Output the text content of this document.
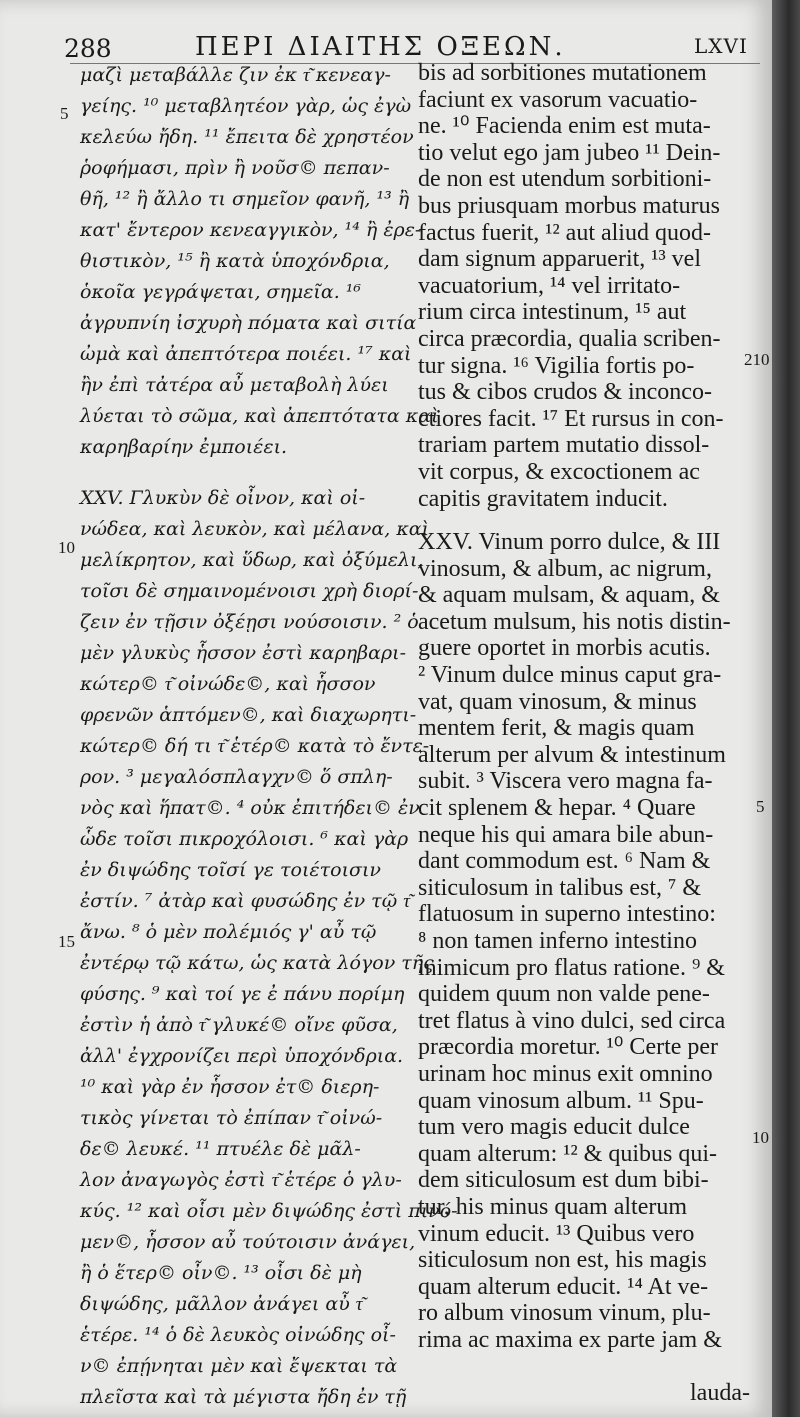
288	ΠΕΡΙ ΔΙΑΙΤΗΣ ΟΞΕΩΝ.	LXVI
μαζὶ μεταβάλλε ζιν ἐκ τ͂ κενεαγ-
γείης. ¹⁰ μεταβλητέον γὰρ, ὡς ἐγὼ
κελεύω ἤδη. ¹¹ ἔπειτα δὲ χρηστέον
ῥοφήμασι, πρὶν ἢ νοῦσ© πεπαν-
θῆ, ¹² ἢ ἄλλο τι σημεῖον φανῆ, ¹³ ἢ
κατ' ἔντερον κενεαγγικὸν, ¹⁴ ἢ ἐρε-
θιστικὸν, ¹⁵ ἢ κατὰ ὑποχόνδρια,
ὁκοῖα γεγράψεται, σημεῖα. ¹⁶
ἀγρυπνίη ἰσχυρὴ πόματα καὶ σιτία
ὠμὰ καὶ ἀπεπτότερα ποιέει. ¹⁷ καὶ
ἢν ἐπὶ τἀτέρα αὖ μεταβολὴ λύει
λύεται τὸ σῶμα, καὶ ἀπεπτότατα καὶ
καρηβαρίην ἐμποιέει.
XXV. Γλυκὺν δὲ οἶνον, καὶ οἰ-
νώδεα, καὶ λευκὸν, καὶ μέλανα, καὶ
μελίκρητον, καὶ ὕδωρ, καὶ ὀξύμελι,
τοῖσι δὲ σημαινομένοισι χρὴ διορί-
ζειν ἐν τῇσιν ὀξέῃσι νούσοισιν. ² ὁ
μὲν γλυκὺς ἧσσον ἐστὶ καρηβαρι-
κώτερ© τ͂ οἰνώδε©, καὶ ἧσσον
φρενῶν ἁπτόμεν©, καὶ διαχωρητι-
κώτερ© δή τι τ͂ ἑτέρ© κατὰ τὸ ἔντε-
ρον. ³ μεγαλόσπλαγχν© ὅ σπλη-
νὸς καὶ ἥπατ©. ⁴ οὐκ ἐπιτήδει© ἐν
ὧδε τοῖσι πικροχόλοισι. ⁶ καὶ γὰρ
ἐν διψώδης τοῖσί γε τοιέτοισιν
ἐστίν. ⁷ ἀτὰρ καὶ φυσώδης ἐν τῷ τ͂
ἄνω. ⁸ ὁ μὲν πολέμιός γ' αὖ τῷ
ἐντέρῳ τῷ κάτω, ὡς κατὰ λόγον τῆς
φύσης. ⁹ καὶ τοί γε ἐ πάνυ πορίμη
ἐστὶν ἡ ἀπὸ τ͂ γλυκέ© οἴνε φῦσα,
ἀλλ' ἐγχρονίζει περὶ ὑποχόνδρια.
¹⁰ καὶ γὰρ ἐν ἧσσον ἐτ© διερη-
τικὸς γίνεται τὸ ἐπίπαν τ͂ οἰνώ-
δε© λευκέ. ¹¹ πτυέλε δὲ μᾶλ-
λον ἀναγωγὸς ἐστὶ τ͂ ἑτέρε ὁ γλυ-
κύς. ¹² καὶ οἷσι μὲν διψώδης ἐστὶ πινό-
μεν©, ἧσσον αὖ τούτοισιν ἀνάγει,
ἢ ὁ ἕτερ© οἶν©. ¹³ οἷσι δὲ μὴ
διψώδης, μᾶλλον ἀνάγει αὖ τ͂
ἑτέρε. ¹⁴ ὁ δὲ λευκὸς οἰνώδης οἶ-
ν© ἐπῄνηται μὲν καὶ ἔψεκται τὰ
πλεῖστα καὶ τὰ μέγιστα ἤδη ἐν τῇ
bis ad sorbitiones mutationem
faciunt ex vasorum vacuatio-
ne. ¹⁰ Facienda enim est muta-
tio velut ego jam jubeo ¹¹ Dein-
de non est utendum sorbitioni-
bus priusquam morbus maturus
factus fuerit, ¹² aut aliud quod-
dam signum apparuerit, ¹³ vel
vacuatorium, ¹⁴ vel irritato-
rium circa intestinum, ¹⁵ aut
circa præcordia, qualia scriben-
tur signa. ¹⁶ Vigilia fortis po-
tus & cibos crudos & inconco-
ctiores facit. ¹⁷ Et rursus in con-
trariam partem mutatio dissol-
vit corpus, & excoctionem ac
capitis gravitatem inducit.
XXV. Vinum porro dulce, & III
vinosum, & album, ac nigrum,
& aquam mulsam, & aquam, &
acetum mulsum, his notis distin-
guere oportet in morbis acutis.
² Vinum dulce minus caput gra-
vat, quam vinosum, & minus
mentem ferit, & magis quam
alterum per alvum & intestinum
subit. ³ Viscera vero magna fa-
cit splenem & hepar. ⁴ Quare
neque his qui amara bile abun-
dant commodum est. ⁶ Nam &
siticulosum in talibus est, ⁷ &
flatuosum in superno intestino:
⁸ non tamen inferno intestino
inimicum pro flatus ratione. ⁹ &
quidem quum non valde pene-
tret flatus à vino dulci, sed circa
præcordia moretur. ¹⁰ Certe per
urinam hoc minus exit omnino
quam vinosum album. ¹¹ Spu-
tum vero magis educit dulce
quam alterum: ¹² & quibus qui-
dem siticulosum est dum bibi-
tur, his minus quam alterum
vinum educit. ¹³ Quibus vero
siticulosum non est, his magis
quam alterum educit. ¹⁴ At ve-
ro album vinosum vinum, plu-
rima ac maxima ex parte jam &
5
10
15
210
5
10
lauda-
